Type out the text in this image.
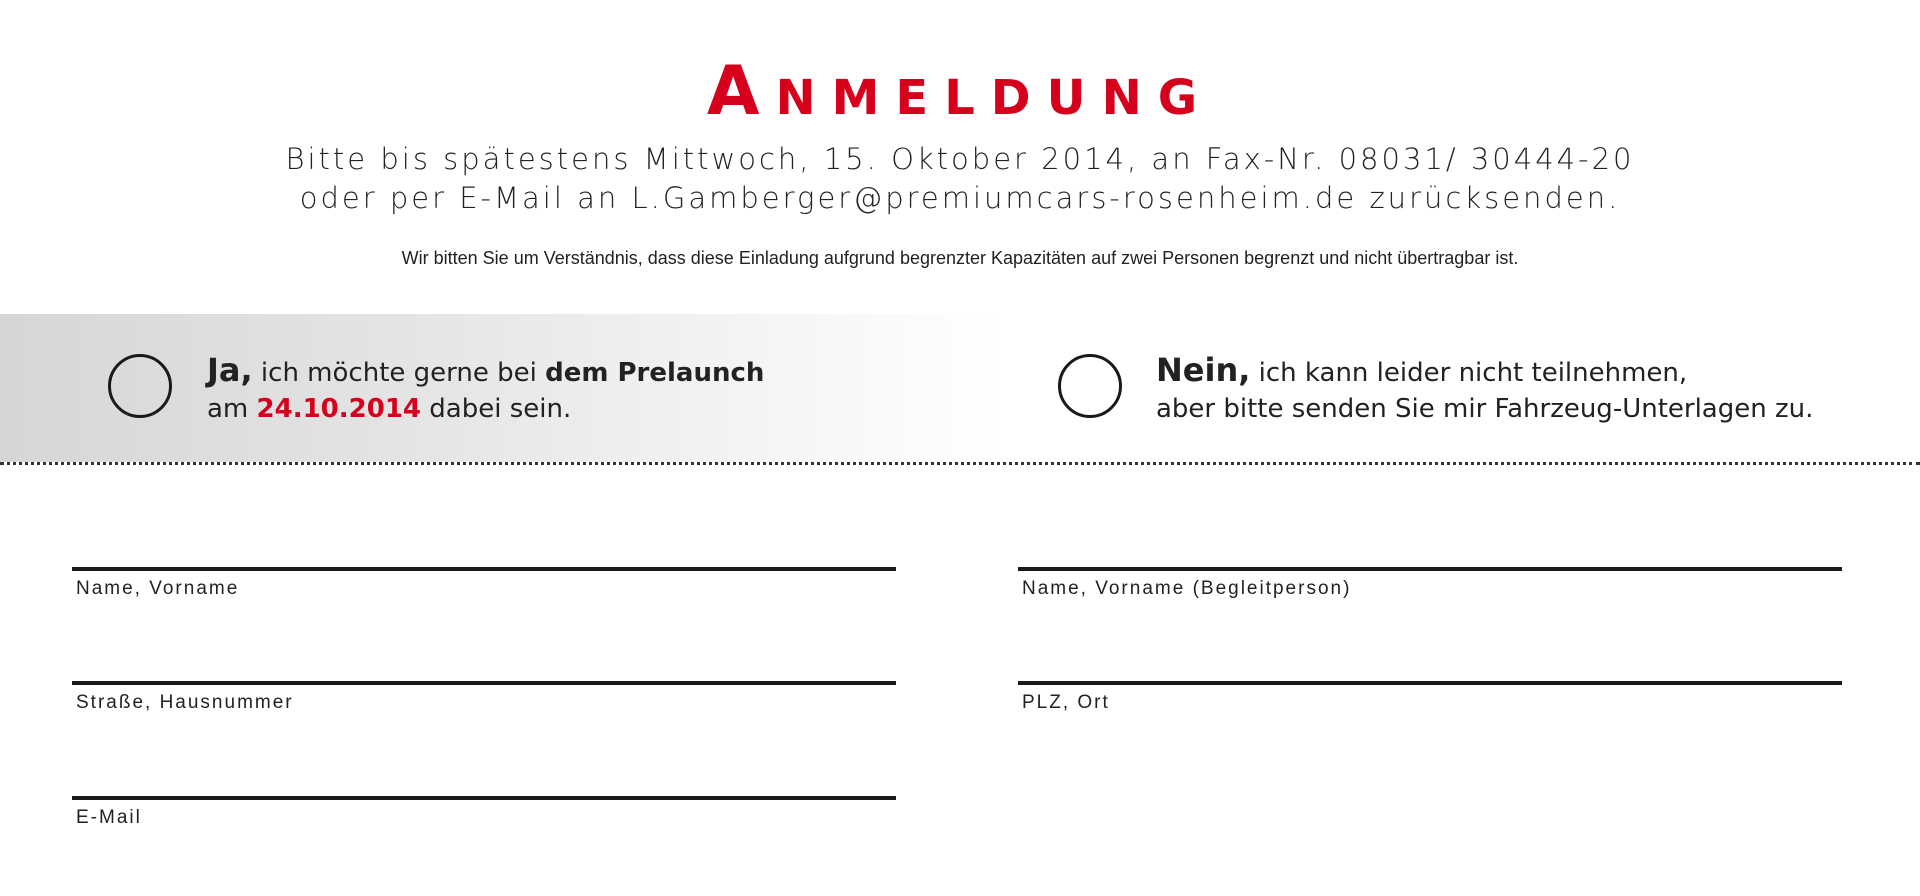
ANMELDUNG
Bitte bis spätestens Mittwoch, 15. Oktober 2014, an Fax-Nr. 08031/ 30444-20
oder per E-Mail an L.Gamberger@premiumcars-rosenheim.de zurücksenden.
Wir bitten Sie um Verständnis, dass diese Einladung aufgrund begrenzter Kapazitäten auf zwei Personen begrenzt und nicht übertragbar ist.
Ja, ich möchte gerne bei dem Prelaunch
am 24.10.2014 dabei sein.
Nein, ich kann leider nicht teilnehmen,
aber bitte senden Sie mir Fahrzeug-Unterlagen zu.
Name, Vorname
Straße, Hausnummer
E-Mail
Name, Vorname (Begleitperson)
PLZ, Ort
